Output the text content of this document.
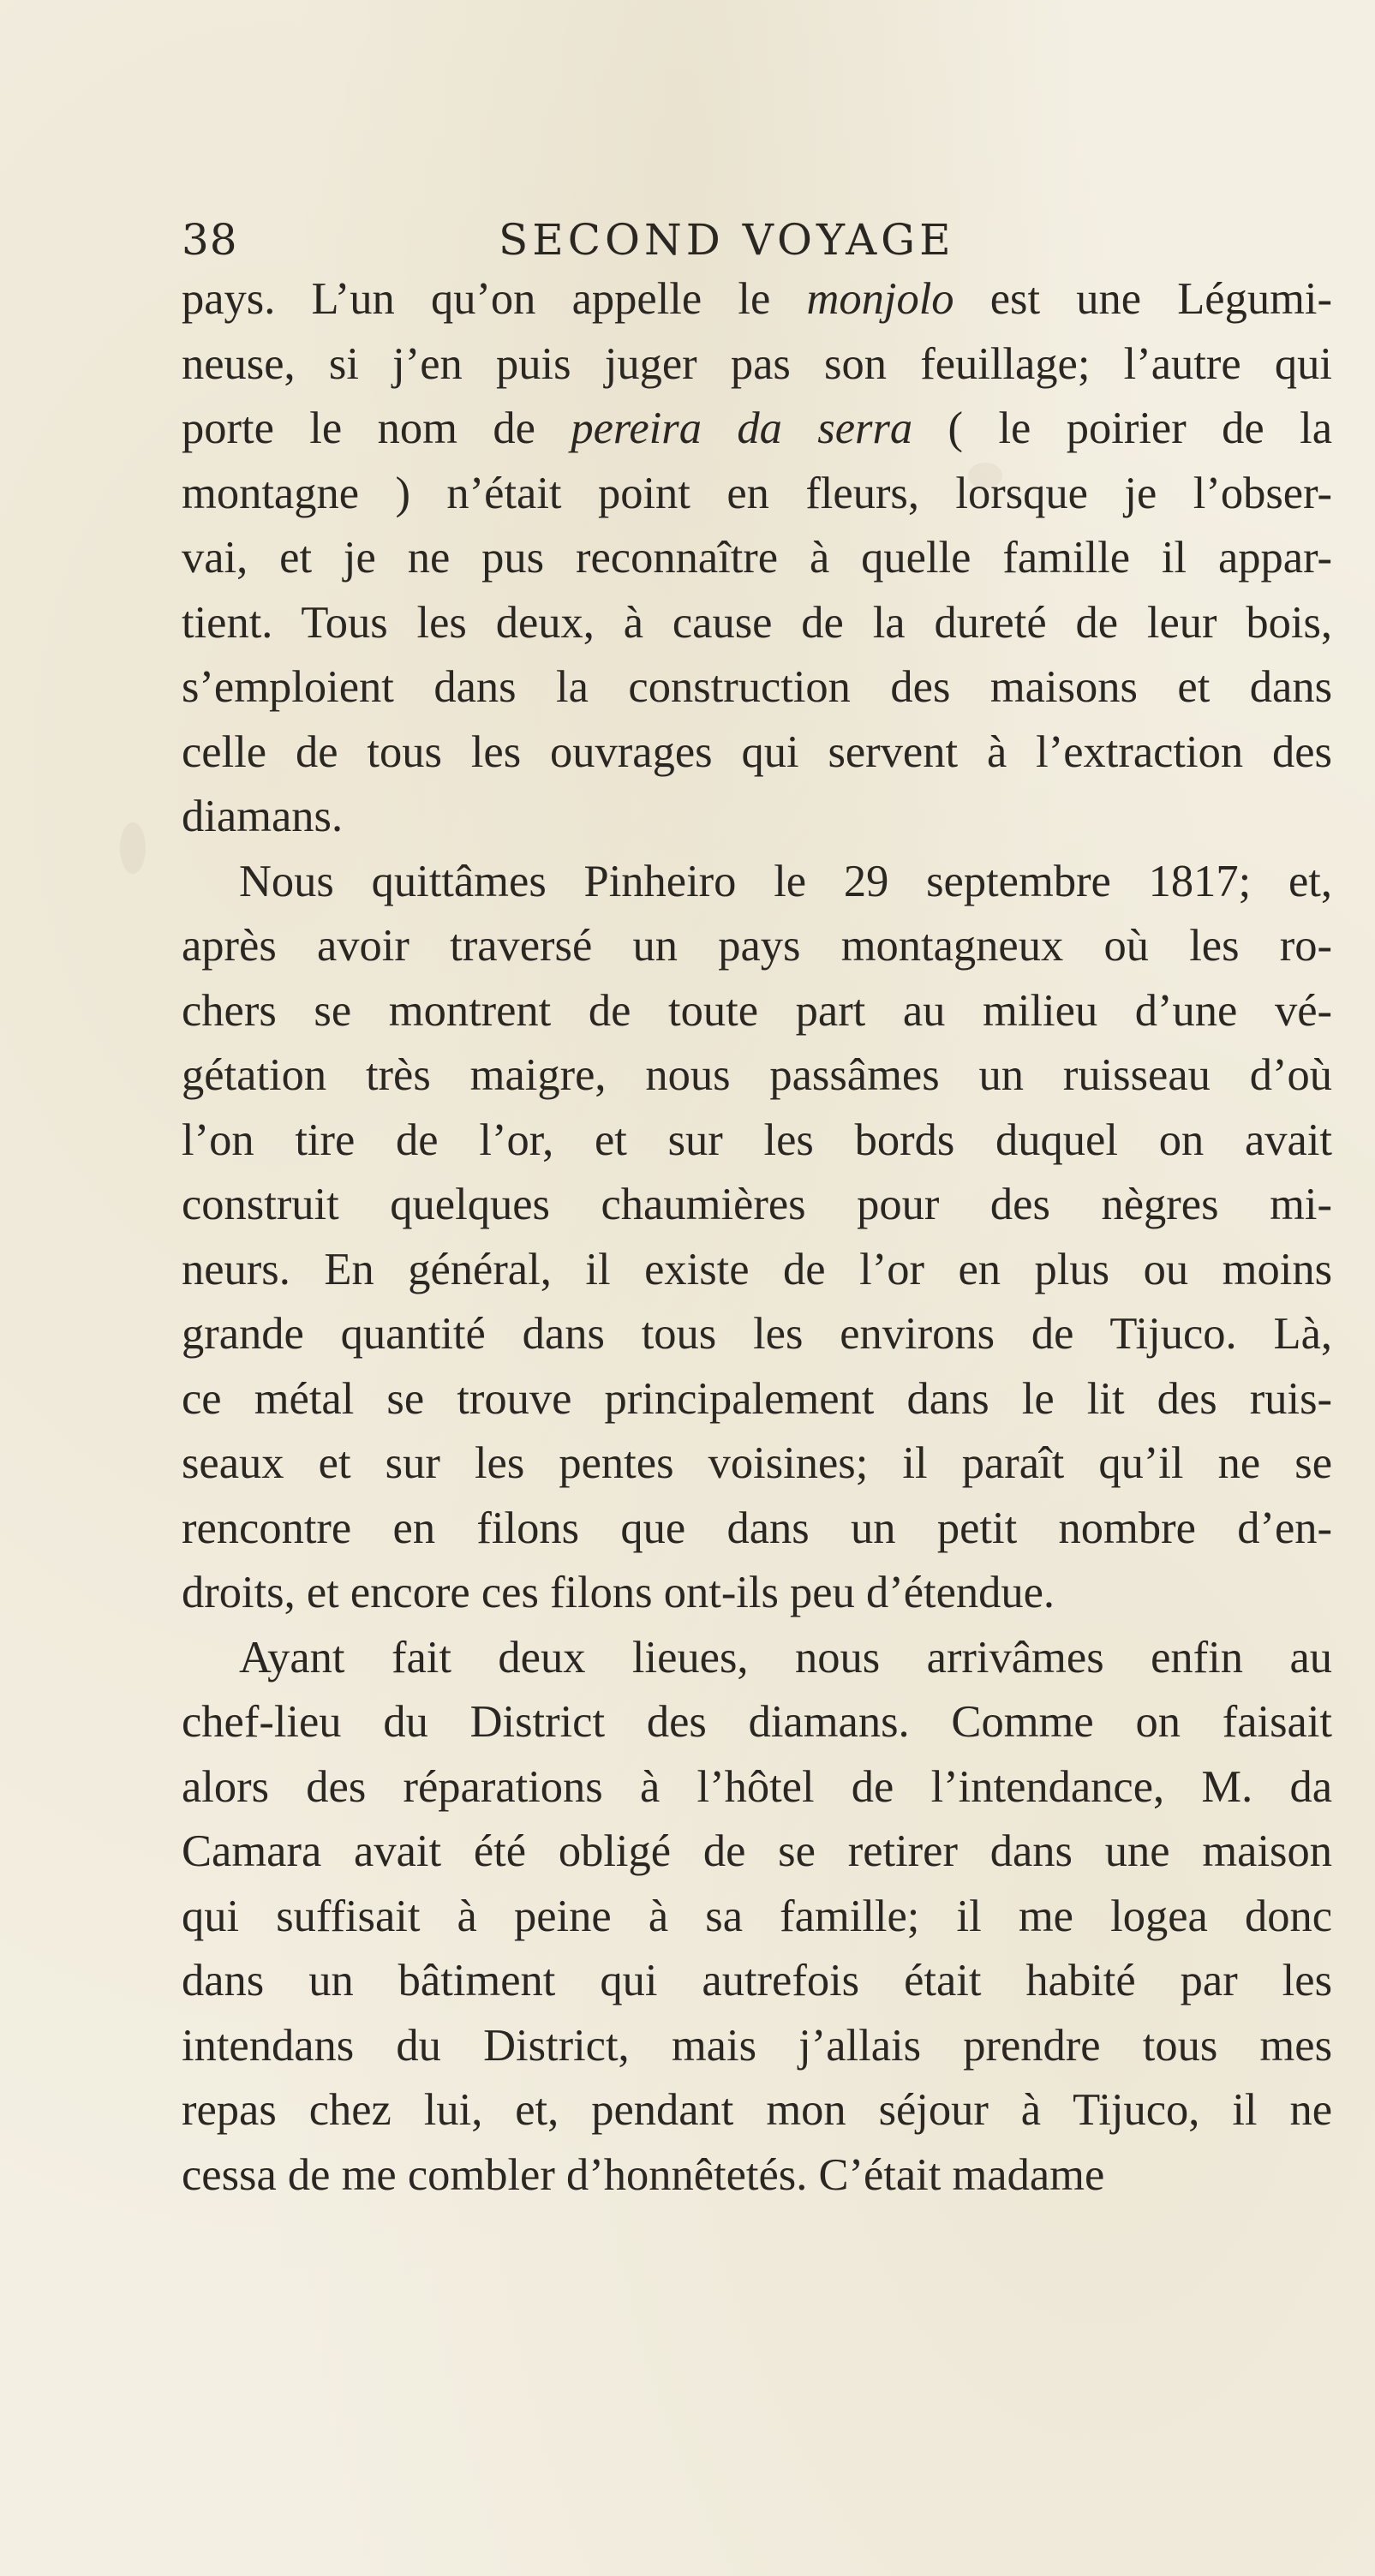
38	SECOND VOYAGE
pays. L’un qu’on appelle le monjolo est une Légumi-
neuse, si j’en puis juger pas son feuillage; l’autre qui
porte le nom de pereira da serra ( le poirier de la
montagne ) n’était point en fleurs, lorsque je l’obser-
vai, et je ne pus reconnaître à quelle famille il appar-
tient. Tous les deux, à cause de la dureté de leur bois,
s’emploient dans la construction des maisons et dans
celle de tous les ouvrages qui servent à l’extraction des
diamans.
Nous quittâmes Pinheiro le 29 septembre 1817; et,
après avoir traversé un pays montagneux où les ro-
chers se montrent de toute part au milieu d’une vé-
gétation très maigre, nous passâmes un ruisseau d’où
l’on tire de l’or, et sur les bords duquel on avait
construit quelques chaumières pour des nègres mi-
neurs. En général, il existe de l’or en plus ou moins
grande quantité dans tous les environs de Tijuco. Là,
ce métal se trouve principalement dans le lit des ruis-
seaux et sur les pentes voisines; il paraît qu’il ne se
rencontre en filons que dans un petit nombre d’en-
droits, et encore ces filons ont-ils peu d’étendue.
Ayant fait deux lieues, nous arrivâmes enfin au
chef-lieu du District des diamans. Comme on faisait
alors des réparations à l’hôtel de l’intendance, M. da
Camara avait été obligé de se retirer dans une maison
qui suffisait à peine à sa famille; il me logea donc
dans un bâtiment qui autrefois était habité par les
intendans du District, mais j’allais prendre tous mes
repas chez lui, et, pendant mon séjour à Tijuco, il ne
cessa de me combler d’honnêtetés. C’était madame
